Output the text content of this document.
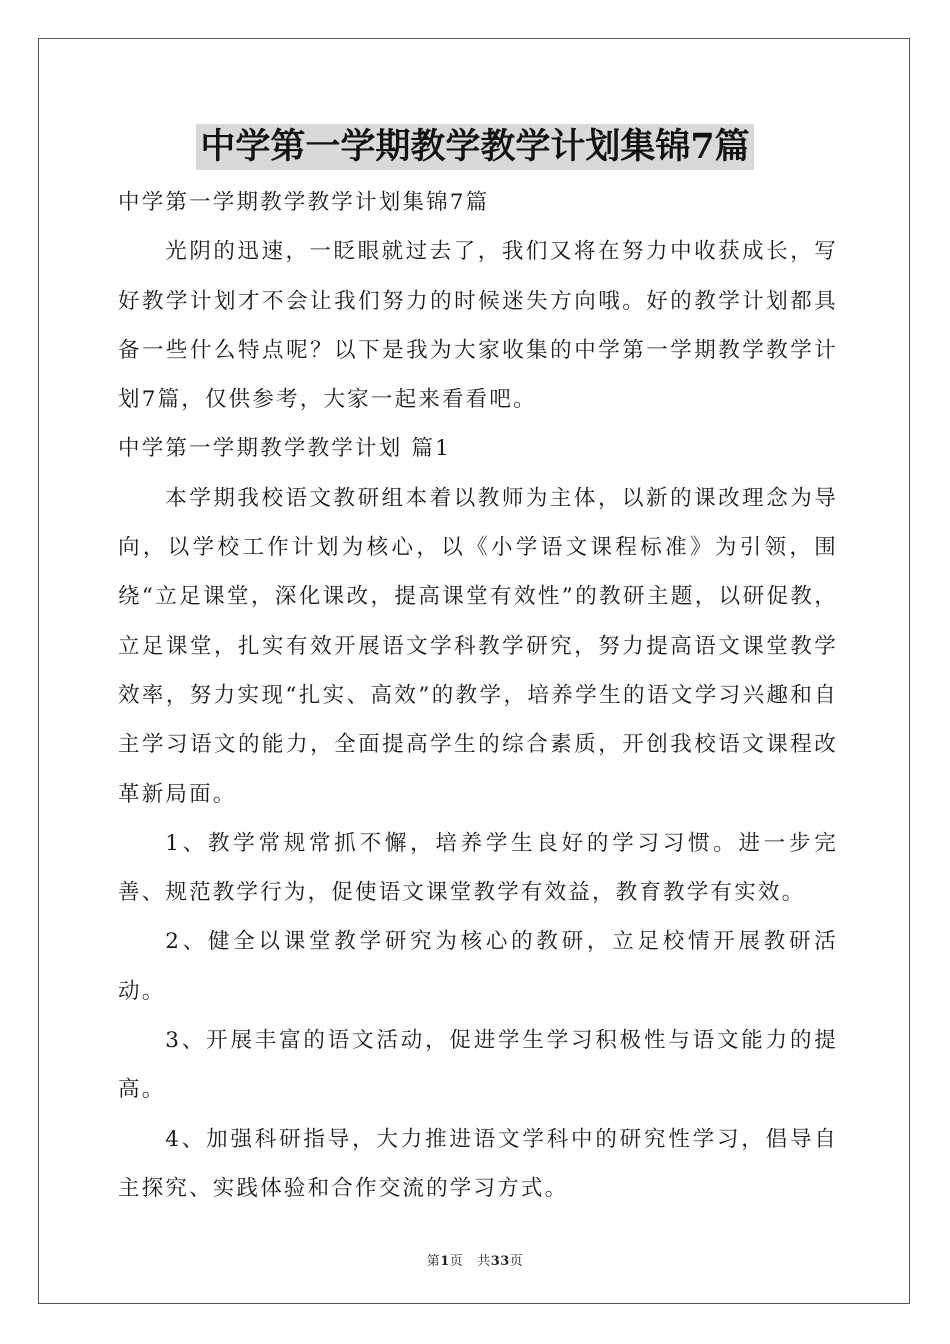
中学第一学期教学教学计划集锦7篇

中学第一学期教学教学计划集锦7篇

光阴的迅速，一眨眼就过去了，我们又将在努力中收获成长，写好教学计划才不会让我们努力的时候迷失方向哦。好的教学计划都具备一些什么特点呢？以下是我为大家收集的中学第一学期教学教学计划7篇，仅供参考，大家一起来看看吧。

中学第一学期教学教学计划 篇1

本学期我校语文教研组本着以教师为主体，以新的课改理念为导向，以学校工作计划为核心，以《小学语文课程标准》为引领，围绕“立足课堂，深化课改，提高课堂有效性”的教研主题，以研促教，立足课堂，扎实有效开展语文学科教学研究，努力提高语文课堂教学效率，努力实现“扎实、高效”的教学，培养学生的语文学习兴趣和自主学习语文的能力，全面提高学生的综合素质，开创我校语文课程改革新局面。

1、教学常规常抓不懈，培养学生良好的学习习惯。进一步完善、规范教学行为，促使语文课堂教学有效益，教育教学有实效。

2、健全以课堂教学研究为核心的教研，立足校情开展教研活动。

3、开展丰富的语文活动，促进学生学习积极性与语文能力的提高。

4、加强科研指导，大力推进语文学科中的研究性学习，倡导自主探究、实践体验和合作交流的学习方式。

第1页 共33页
